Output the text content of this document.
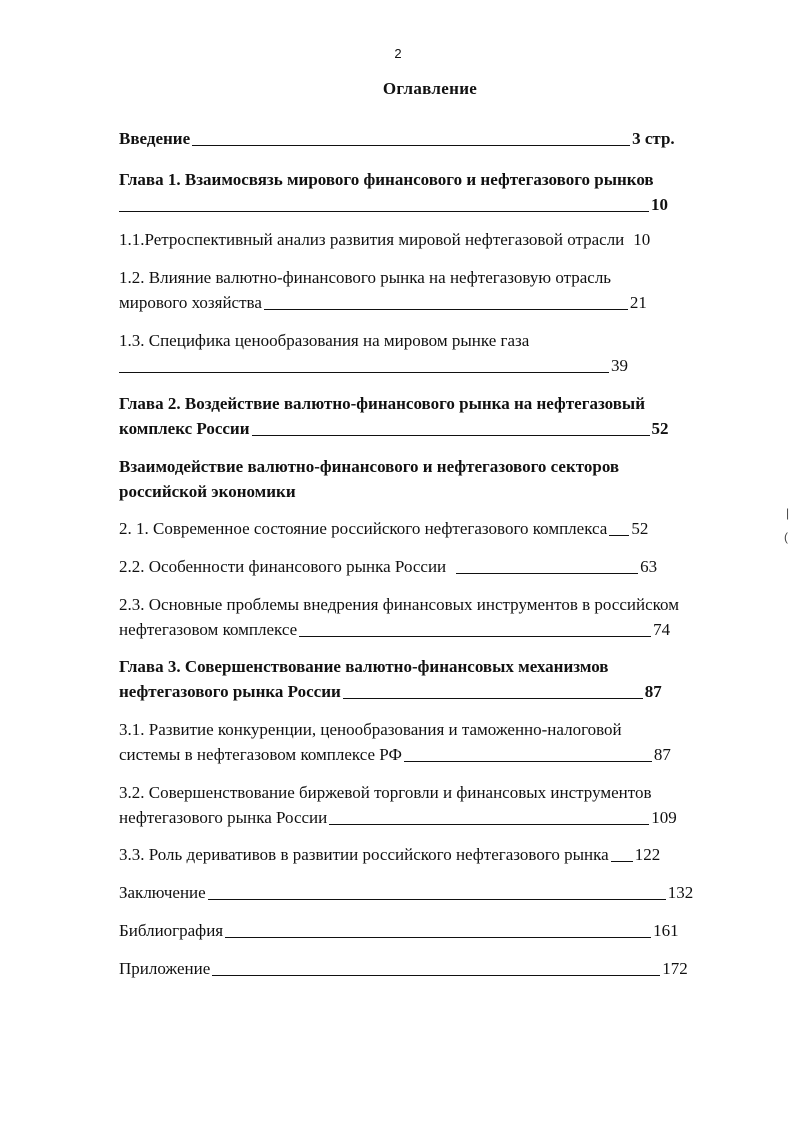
2
Оглавление
Введение	3 стр.
Глава 1. Взаимосвязь мирового финансового и нефтегазового рынков
10
1.1.Ретроспективный анализ развития мировой нефтегазовой отрасли 10
1.2. Влияние валютно-финансового рынка на нефтегазовую отрасль
мирового хозяйства	21
1.3. Специфика ценообразования на мировом рынке газа
39
Глава 2. Воздействие валютно-финансового рынка на нефтегазовый
комплекс России	52
Взаимодействие валютно-финансового и нефтегазового секторов
российской экономики
2. 1. Современное состояние российского нефтегазового комплекса 52
2.2. Особенности финансового рынка России	63
2.3. Основные проблемы внедрения финансовых инструментов в российском
нефтегазовом комплексе	74
Глава 3. Совершенствование валютно-финансовых механизмов
нефтегазового рынка России	87
3.1. Развитие конкуренции, ценообразования и таможенно-налоговой
системы в нефтегазовом комплексе РФ	87
3.2. Совершенствование биржевой торговли и финансовых инструментов
нефтегазового рынка России	109
3.3. Роль деривативов в развитии российского нефтегазового рынка 122
Заключение	132
Библиография	161
Приложение	172
|
(
